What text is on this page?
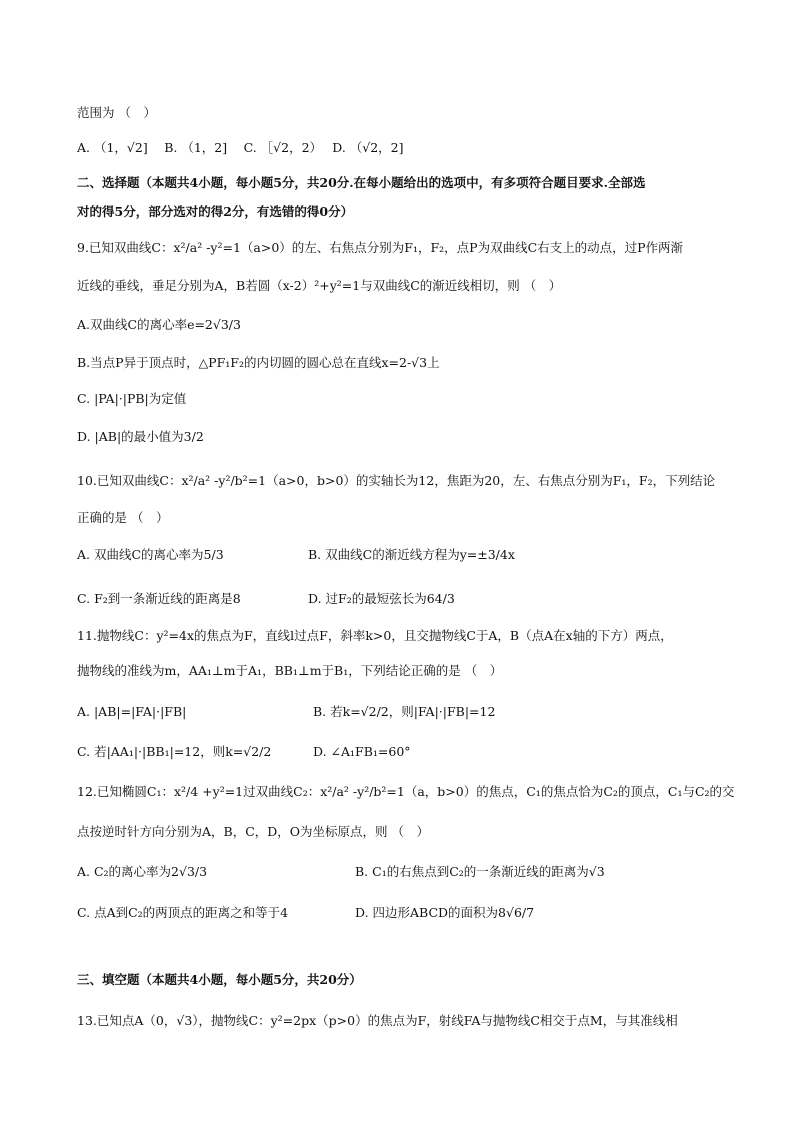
范围为 （　）
A. （1，√2]　 B. （1，2]　 C. ［√2，2）　 D. （√2，2]
二、选择题（本题共4小题，每小题5分，共20分.在每小题给出的选项中，有多项符合题目要求.全部选
对的得5分，部分选对的得2分，有选错的得0分）
9.已知双曲线C：x²/a² -y²=1（a>0）的左、右焦点分别为F₁，F₂，点P为双曲线C右支上的动点，过P作两渐
近线的垂线，垂足分别为A，B若圆（x-2）²+y²=1与双曲线C的渐近线相切，则 （　）
A.双曲线C的离心率e=2√3/3
B.当点P异于顶点时，△PF₁F₂的内切圆的圆心总在直线x=2-√3上
C. |PA|·|PB|为定值
D. |AB|的最小值为3/2
10.已知双曲线C：x²/a² -y²/b²=1（a>0，b>0）的实轴长为12，焦距为20，左、右焦点分别为F₁，F₂，下列结论
正确的是 （　）
A. 双曲线C的离心率为5/3	B. 双曲线C的渐近线方程为y=±3/4x
C. F₂到一条渐近线的距离是8	D. 过F₂的最短弦长为64/3
11.抛物线C：y²=4x的焦点为F，直线l过点F，斜率k>0，且交抛物线C于A，B（点A在x轴的下方）两点，
抛物线的准线为m，AA₁⊥m于A₁，BB₁⊥m于B₁，下列结论正确的是 （　）
A. |AB|=|FA|·|FB|	B. 若k=√2/2，则|FA|·|FB|=12
C. 若|AA₁|·|BB₁|=12，则k=√2/2	D. ∠A₁FB₁=60°
12.已知椭圆C₁：x²/4 +y²=1过双曲线C₂：x²/a² -y²/b²=1（a，b>0）的焦点，C₁的焦点恰为C₂的顶点，C₁与C₂的交
点按逆时针方向分别为A，B，C，D，O为坐标原点，则 （　）
A. C₂的离心率为2√3/3	B. C₁的右焦点到C₂的一条渐近线的距离为√3
C. 点A到C₂的两顶点的距离之和等于4	D. 四边形ABCD的面积为8√6/7
三、填空题（本题共4小题，每小题5分，共20分）
13.已知点A（0，√3），抛物线C：y²=2px（p>0）的焦点为F，射线FA与抛物线C相交于点M，与其准线相
